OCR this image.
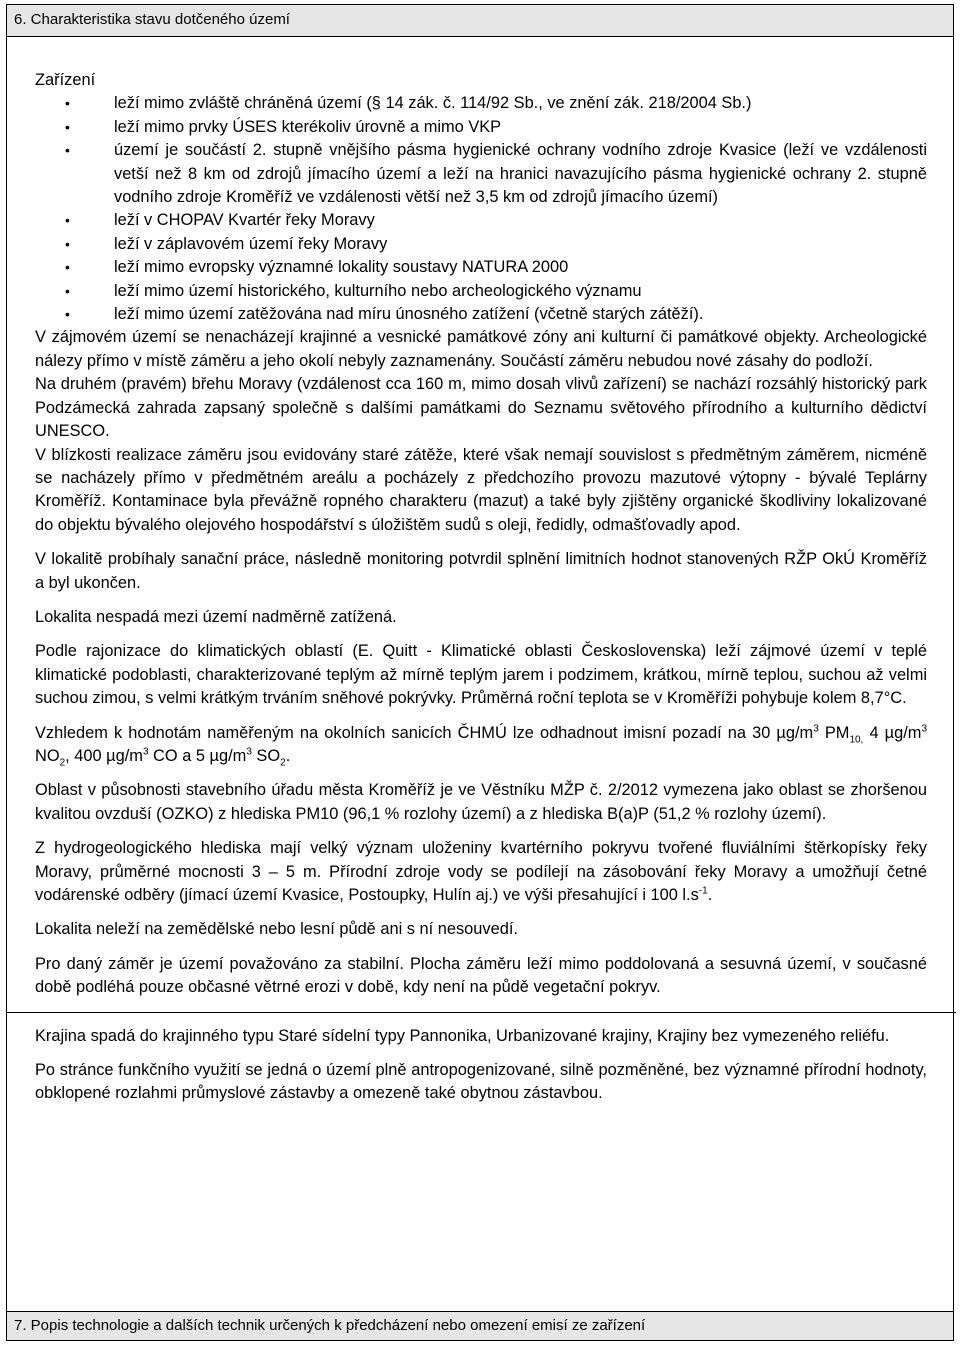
6. Charakteristika stavu dotčeného území

Zařízení

• leží mimo zvláště chráněná území (§ 14 zák. č. 114/92 Sb., ve znění zák. 218/2004 Sb.)
• leží mimo prvky ÚSES kterékoliv úrovně a mimo VKP
• území je součástí 2. stupně vnějšího pásma hygienické ochrany vodního zdroje Kvasice (leží ve vzdálenosti vetší než 8 km od zdrojů jímacího území a leží na hranici navazujícího pásma hygienické ochrany 2. stupně vodního zdroje Kroměříž ve vzdálenosti větší než 3,5 km od zdrojů jímacího území)
• leží v CHOPAV Kvartér řeky Moravy
• leží v záplavovém území řeky Moravy
• leží mimo evropsky významné lokality soustavy NATURA 2000
• leží mimo území historického, kulturního nebo archeologického významu
• leží mimo území zatěžována nad míru únosného zatížení (včetně starých zátěží).

V zájmovém území se nenacházejí krajinné a vesnické památkové zóny ani kulturní či památkové objekty. Archeologické nálezy přímo v místě záměru a jeho okolí nebyly zaznamenány. Součástí záměru nebudou nové zásahy do podloží.

Na druhém (pravém) břehu Moravy (vzdálenost cca 160 m, mimo dosah vlivů zařízení) se nachází rozsáhlý historický park Podzámecká zahrada zapsaný společně s dalšími památkami do Seznamu světového přírodního a kulturního dědictví UNESCO.

V blízkosti realizace záměru jsou evidovány staré zátěže, které však nemají souvislost s předmětným záměrem, nicméně se nacházely přímo v předmětném areálu a pocházely z předchozího provozu mazutové výtopny - bývalé Teplárny Kroměříž. Kontaminace byla převážně ropného charakteru (mazut) a také byly zjištěny organické škodliviny lokalizované do objektu bývalého olejového hospodářství s úložištěm sudů s oleji, ředidly, odmašťovadly apod.

V lokalitě probíhaly sanační práce, následně monitoring potvrdil splnění limitních hodnot stanovených RŽP OkÚ Kroměříž a byl ukončen.

Lokalita nespadá mezi území nadměrně zatížená.

Podle rajonizace do klimatických oblastí (E. Quitt - Klimatické oblasti Československa) leží zájmové území v teplé klimatické podoblasti, charakterizované teplým až mírně teplým jarem i podzimem, krátkou, mírně teplou, suchou až velmi suchou zimou, s velmi krátkým trváním sněhové pokrývky. Průměrná roční teplota se v Kroměříži pohybuje kolem 8,7°C.

Vzhledem k hodnotám naměřeným na okolních sanicích ČHMÚ lze odhadnout imisní pozadí na 30 $\mu g/m^3$ $PM_{10,}$ 4 $\mu g/m^3$ $NO_2$, 400 $\mu g/m^3$ CO a 5 $\mu g/m^3$ $SO_2$.

Oblast v působnosti stavebního úřadu města Kroměříž je ve Věstníku MŽP č. 2/2012 vymezena jako oblast se zhoršenou kvalitou ovzduší (OZKO) z hlediska PM10 (96,1 % rozlohy území) a z hlediska B(a)P (51,2 % rozlohy území).

Z hydrogeologického hlediska mají velký význam uloženiny kvartérního pokryvu tvořené fluviálními štěrkopísky řeky Moravy, průměrné mocnosti 3 – 5 m. Přírodní zdroje vody se podílejí na zásobování řeky Moravy a umožňují četné vodárenské odběry (jímací území Kvasice, Postoupky, Hulín aj.) ve výši přesahující i 100 $l.s^{-1}$.

Lokalita neleží na zemědělské nebo lesní půdě ani s ní nesouvedí.

Pro daný záměr je území považováno za stabilní. Plocha záměru leží mimo poddolovaná a sesuvná území, v současné době podléhá pouze občasné větrné erozi v době, kdy není na půdě vegetační pokryv.

Krajina spadá do krajinného typu Staré sídelní typy Pannonika, Urbanizované krajiny, Krajiny bez vymezeného reliéfu.

Po stránce funkčního využití se jedná o území plně antropogenizované, silně pozměněné, bez významné přírodní hodnoty, obklopené rozlahmi průmyslové zástavby a omezeně také obytnou zástavbou.

7. Popis technologie a dalších technik určených k předcházení nebo omezení emisí ze zařízení
